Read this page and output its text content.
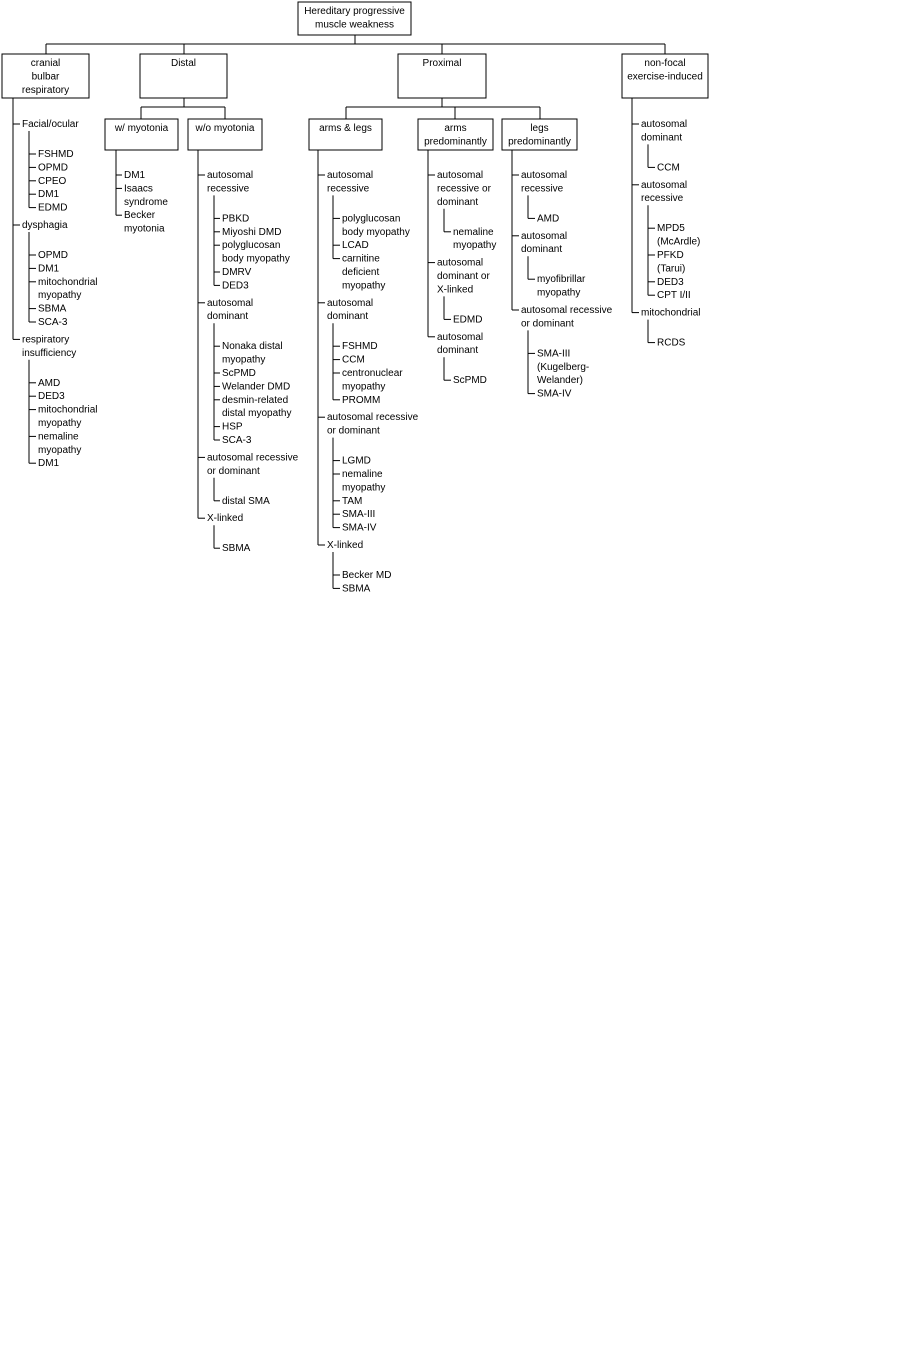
Hereditary progressive muscle weakness
cranial bulbar respiratory
Distal	Proximal	non-focal exercise-induced
w/ myotonia	w/o myotonia	arms & legs	arms predominantly
legs predominantly
Facial/ocular
FSHMD
OPMD
CPEO
DM1
EDMD
dysphagia
OPMD
DM1
mitochondrial myopathy
SBMA
SCA-3
respiratory insufficiency
AMD
DED3
mitochondrial myopathy
nemaline myopathy
DM1
DM1
Isaacs syndrome
Becker myotonia
autosomal recessive
PBKD
Miyoshi DMD
polyglucosan body myopathy
DMRV
DED3
autosomal dominant
Nonaka distal myopathy
ScPMD
Welander DMD
desmin-related distal myopathy
HSP
SCA-3
autosomal recessive or dominant
distal SMA
X-linked
SBMA
autosomal recessive
polyglucosan body myopathy
LCAD
carnitine deficient myopathy
autosomal dominant
FSHMD
CCM
centronuclear myopathy
PROMM
autosomal recessive or dominant
LGMD
nemaline myopathy
TAM
SMA-III
SMA-IV
X-linked
Becker MD
SBMA
autosomal recessive or dominant
nemaline myopathy
autosomal dominant or X-linked
EDMD
autosomal dominant
ScPMD
autosomal recessive
AMD
autosomal dominant
myofibrillar myopathy
autosomal recessive or dominant
SMA-III (Kugelberg-Welander)
SMA-IV
autosomal dominant
CCM
autosomal recessive
MPD5 (McArdle)
PFKD (Tarui)
DED3
CPT I/II
mitochondrial
RCDS
